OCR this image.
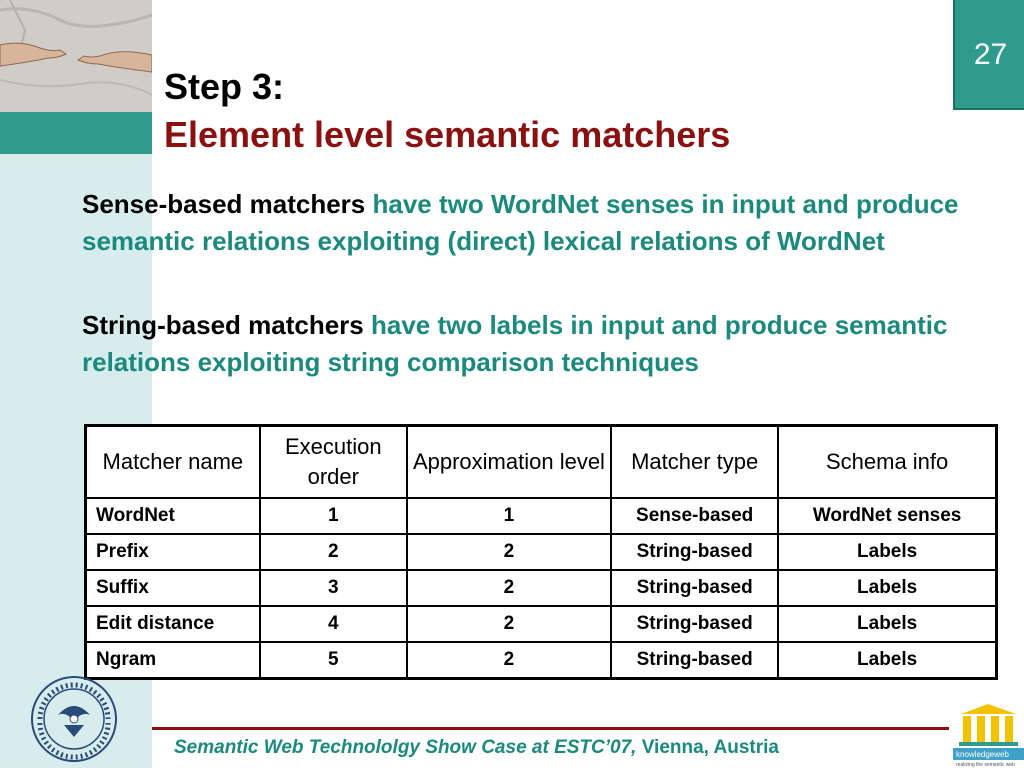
27
Step 3:
Element level semantic matchers
Sense-based matchers have two WordNet senses in input and produce semantic relations exploiting (direct) lexical relations of WordNet
String-based matchers have two labels in input and produce semantic relations exploiting string comparison techniques
Matcher name	Execution order	Approximation level	Matcher type	Schema info
WordNet	1	1	Sense-based	WordNet senses
Prefix	2	2	String-based	Labels
Suffix	3	2	String-based	Labels
Edit distance	4	2	String-based	Labels
Ngram	5	2	String-based	Labels
Semantic Web Technololgy Show Case at ESTC’07, Vienna, Austria	knowledgeweb
realizing the semantic web
